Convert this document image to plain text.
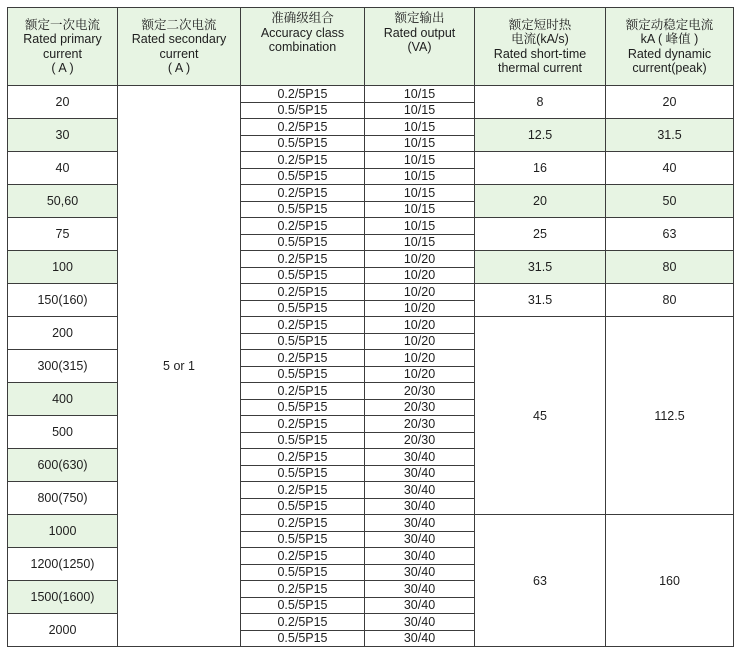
额定一次电流
Rated primary
current
( A )	额定二次电流
Rated secondary
current
( A )	准确级组合
Accuracy class
combination	额定输出
Rated output
(VA)	额定短时热
电流(kA/s)
Rated short-time
thermal current	额定动稳定电流
kA ( 峰值 )
Rated dynamic
current(peak)

20	5 or 1	0.2/5P15	10/15	8	20
		0.5/5P15	10/15		
30		0.2/5P15	10/15	12.5	31.5
		0.5/5P15	10/15		
40		0.2/5P15	10/15	16	40
		0.5/5P15	10/15		
50,60		0.2/5P15	10/15	20	50
		0.5/5P15	10/15		
75		0.2/5P15	10/15	25	63
		0.5/5P15	10/15		
100		0.2/5P15	10/20	31.5	80
		0.5/5P15	10/20		
150(160)		0.2/5P15	10/20	31.5	80
		0.5/5P15	10/20		
200		0.2/5P15	10/20	45	112.5
		0.5/5P15	10/20		
300(315)		0.2/5P15	10/20		
		0.5/5P15	10/20		
400		0.2/5P15	20/30		
		0.5/5P15	20/30		
500		0.2/5P15	20/30		
		0.5/5P15	20/30		
600(630)		0.2/5P15	30/40		
		0.5/5P15	30/40		
800(750)		0.2/5P15	30/40		
		0.5/5P15	30/40		
1000		0.2/5P15	30/40	63	160
		0.5/5P15	30/40		
1200(1250)		0.2/5P15	30/40		
		0.5/5P15	30/40		
1500(1600)		0.2/5P15	30/40		
		0.5/5P15	30/40		
2000		0.2/5P15	30/40		
		0.5/5P15	30/40		
